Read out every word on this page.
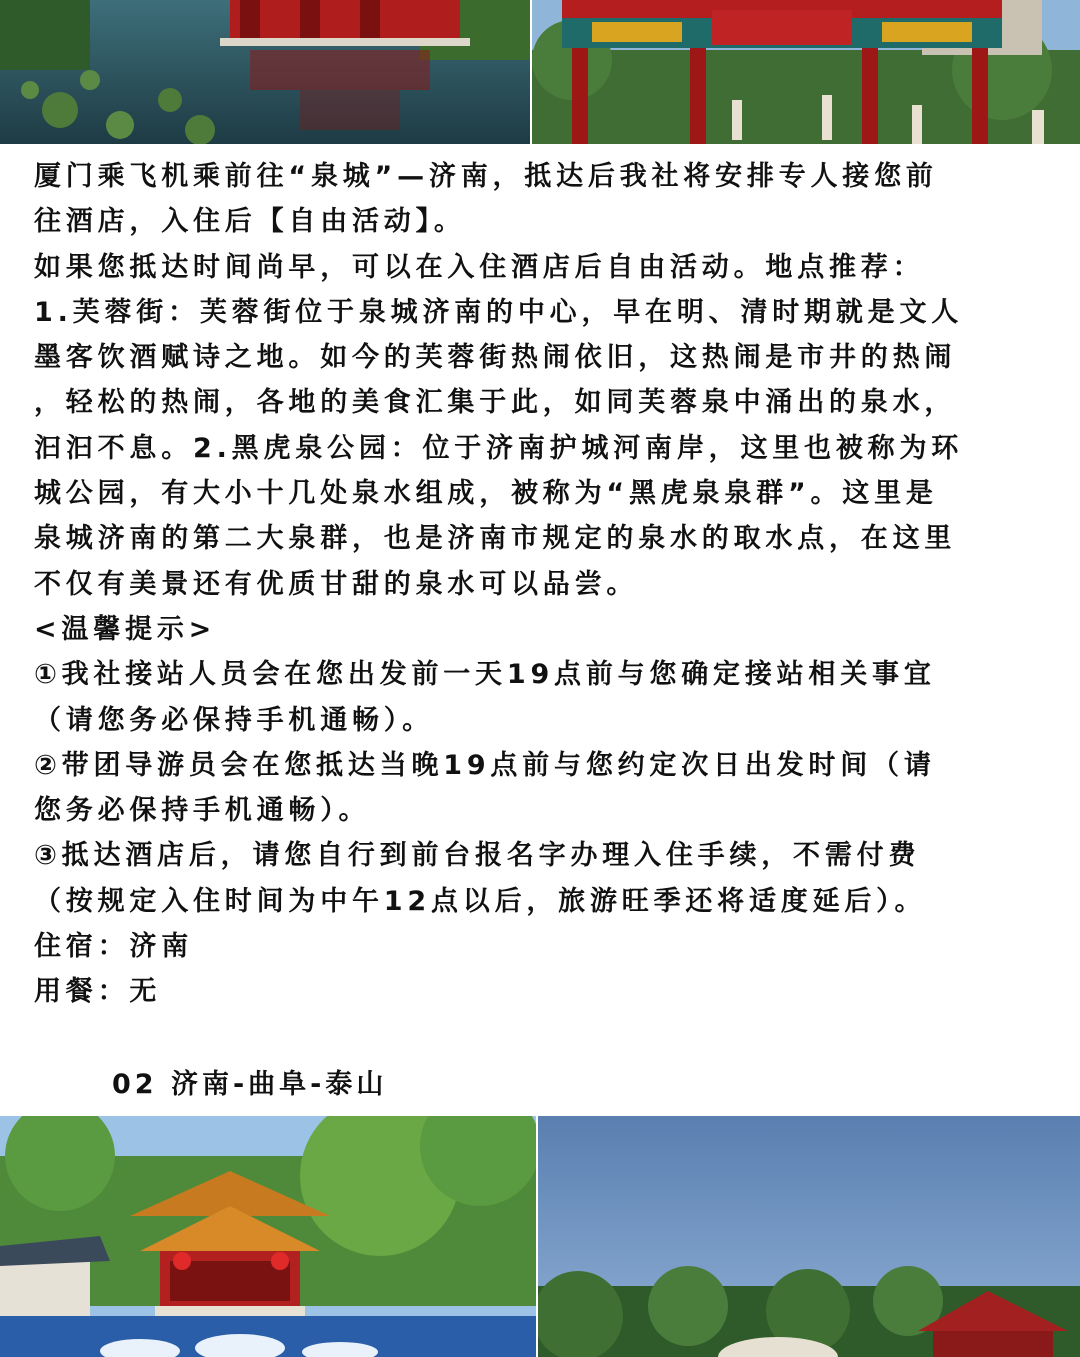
厦门乘飞机乘前往“泉城”—济南，抵达后我社将安排专人接您前
往酒店，入住后【自由活动】。
如果您抵达时间尚早，可以在入住酒店后自由活动。地点推荐：
1.芙蓉街：芙蓉街位于泉城济南的中心，早在明、清时期就是文人
墨客饮酒赋诗之地。如今的芙蓉街热闹依旧，这热闹是市井的热闹
，轻松的热闹，各地的美食汇集于此，如同芙蓉泉中涌出的泉水，
汩汩不息。2.黑虎泉公园：位于济南护城河南岸，这里也被称为环
城公园，有大小十几处泉水组成，被称为“黑虎泉泉群”。这里是
泉城济南的第二大泉群，也是济南市规定的泉水的取水点，在这里
不仅有美景还有优质甘甜的泉水可以品尝。
<温馨提示>
①我社接站人员会在您出发前一天19点前与您确定接站相关事宜
（请您务必保持手机通畅）。
②带团导游员会在您抵达当晚19点前与您约定次日出发时间（请
您务必保持手机通畅）。
③抵达酒店后，请您自行到前台报名字办理入住手续，不需付费
（按规定入住时间为中午12点以后，旅游旺季还将适度延后）。
住宿：济南
用餐：无
02 济南-曲阜-泰山
